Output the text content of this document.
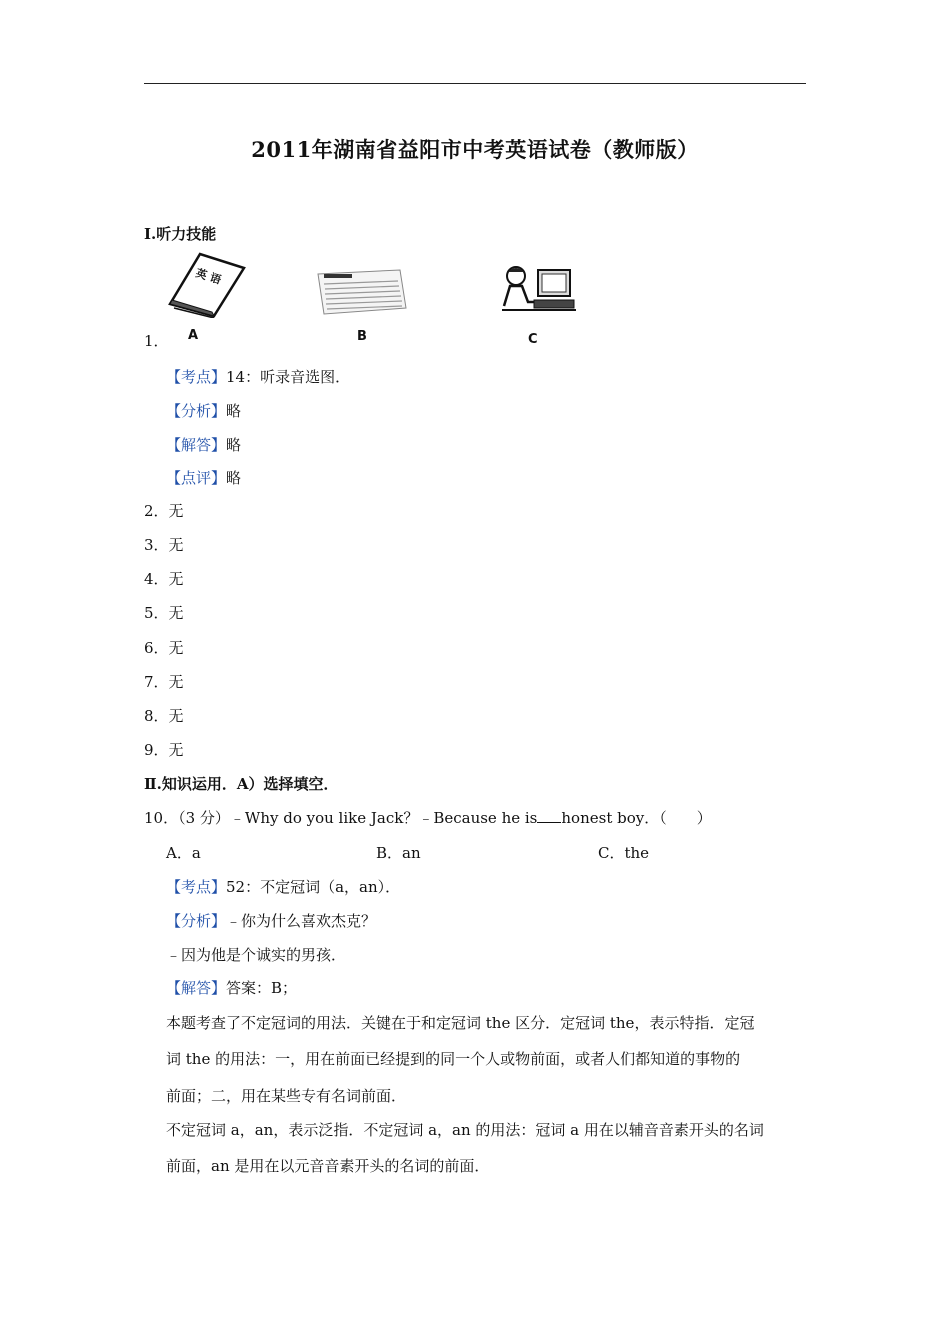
2011年湖南省益阳市中考英语试卷（教师版）
Ⅰ.听力技能
英 语
A	B	C
1．
【考点】14：听录音选图．
【分析】略
【解答】略
【点评】略
2．无
3．无
4．无
5．无
6．无
7．无
8．无
9．无
Ⅱ.知识运用．A）选择填空．
10．（3 分）﹣Why do you like Jack？﹣Because he is honest boy．（　　）
A．a	B．an	C．the
【考点】52：不定冠词（a，an）．
【分析】﹣你为什么喜欢杰克？
﹣因为他是个诚实的男孩．
【解答】答案：B；
本题考查了不定冠词的用法．关键在于和定冠词 the 区分．定冠词 the，表示特指．定冠
词 the 的用法：一，用在前面已经提到的同一个人或物前面，或者人们都知道的事物的
前面；二，用在某些专有名词前面．
不定冠词 a，an，表示泛指．不定冠词 a，an 的用法：冠词 a 用在以辅音音素开头的名词
前面，an 是用在以元音音素开头的名词的前面．
